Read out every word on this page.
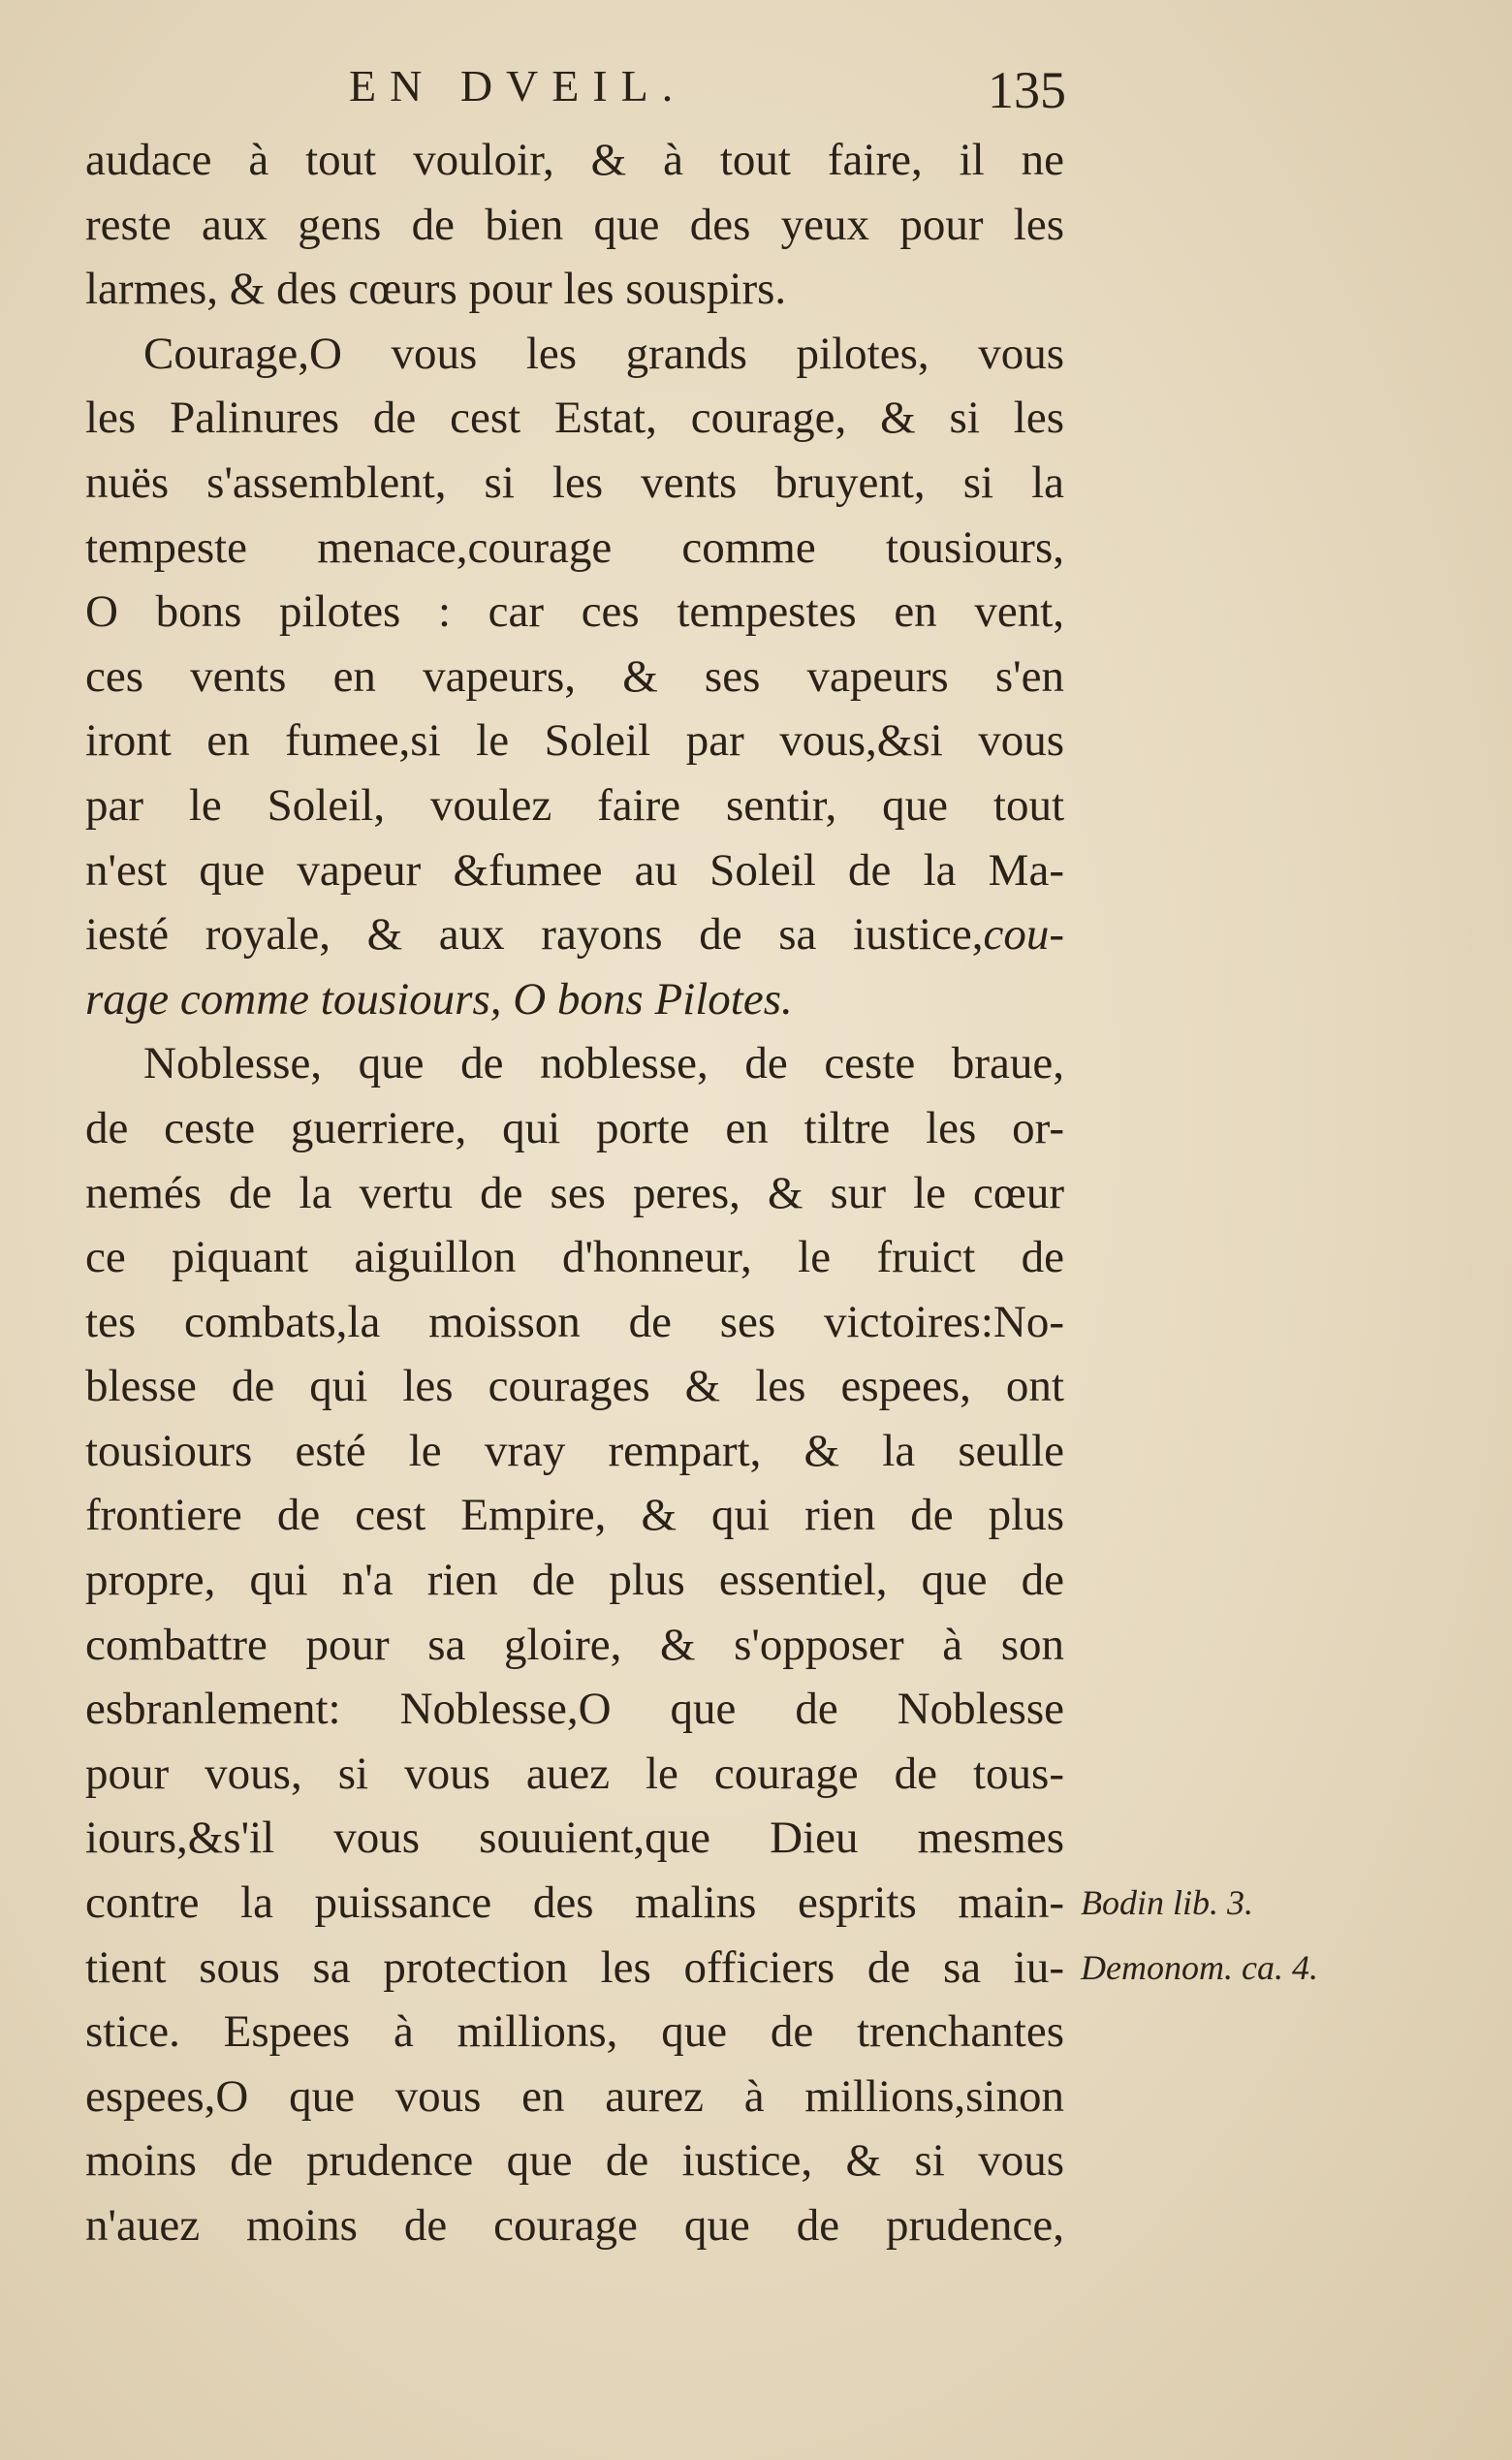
EN DVEIL.	135
audace à tout vouloir, & à tout faire, il ne
reste aux gens de bien que des yeux pour les
larmes, & des cœurs pour les souspirs.
Courage,O vous les grands pilotes, vous
les Palinures de cest Estat, courage, & si les
nuës s'assemblent, si les vents bruyent, si la
tempeste menace,courage comme tousiours,
O bons pilotes : car ces tempestes en vent,
ces vents en vapeurs, & ses vapeurs s'en
iront en fumee,si le Soleil par vous,&si vous
par le Soleil, voulez faire sentir, que tout
n'est que vapeur &fumee au Soleil de la Ma-
iesté royale, & aux rayons de sa iustice,cou-
rage comme tousiours, O bons Pilotes.
Noblesse, que de noblesse, de ceste braue,
de ceste guerriere, qui porte en tiltre les or-
nemés de la vertu de ses peres, & sur le cœur
ce piquant aiguillon d'honneur, le fruict de
tes combats,la moisson de ses victoires:No-
blesse de qui les courages & les espees, ont
tousiours esté le vray rempart, & la seulle
frontiere de cest Empire, & qui rien de plus
propre, qui n'a rien de plus essentiel, que de
combattre pour sa gloire, & s'opposer à son
esbranlement: Noblesse,O que de Noblesse
pour vous, si vous auez le courage de tous-
iours,&s'il vous souuient,que Dieu mesmes
contre la puissance des malins esprits main-
tient sous sa protection les officiers de sa iu-
stice. Espees à millions, que de trenchantes
espees,O que vous en aurez à millions,sinon
moins de prudence que de iustice, & si vous
n'auez moins de courage que de prudence,
Bodin lib. 3.
Demonom. ca. 4.
